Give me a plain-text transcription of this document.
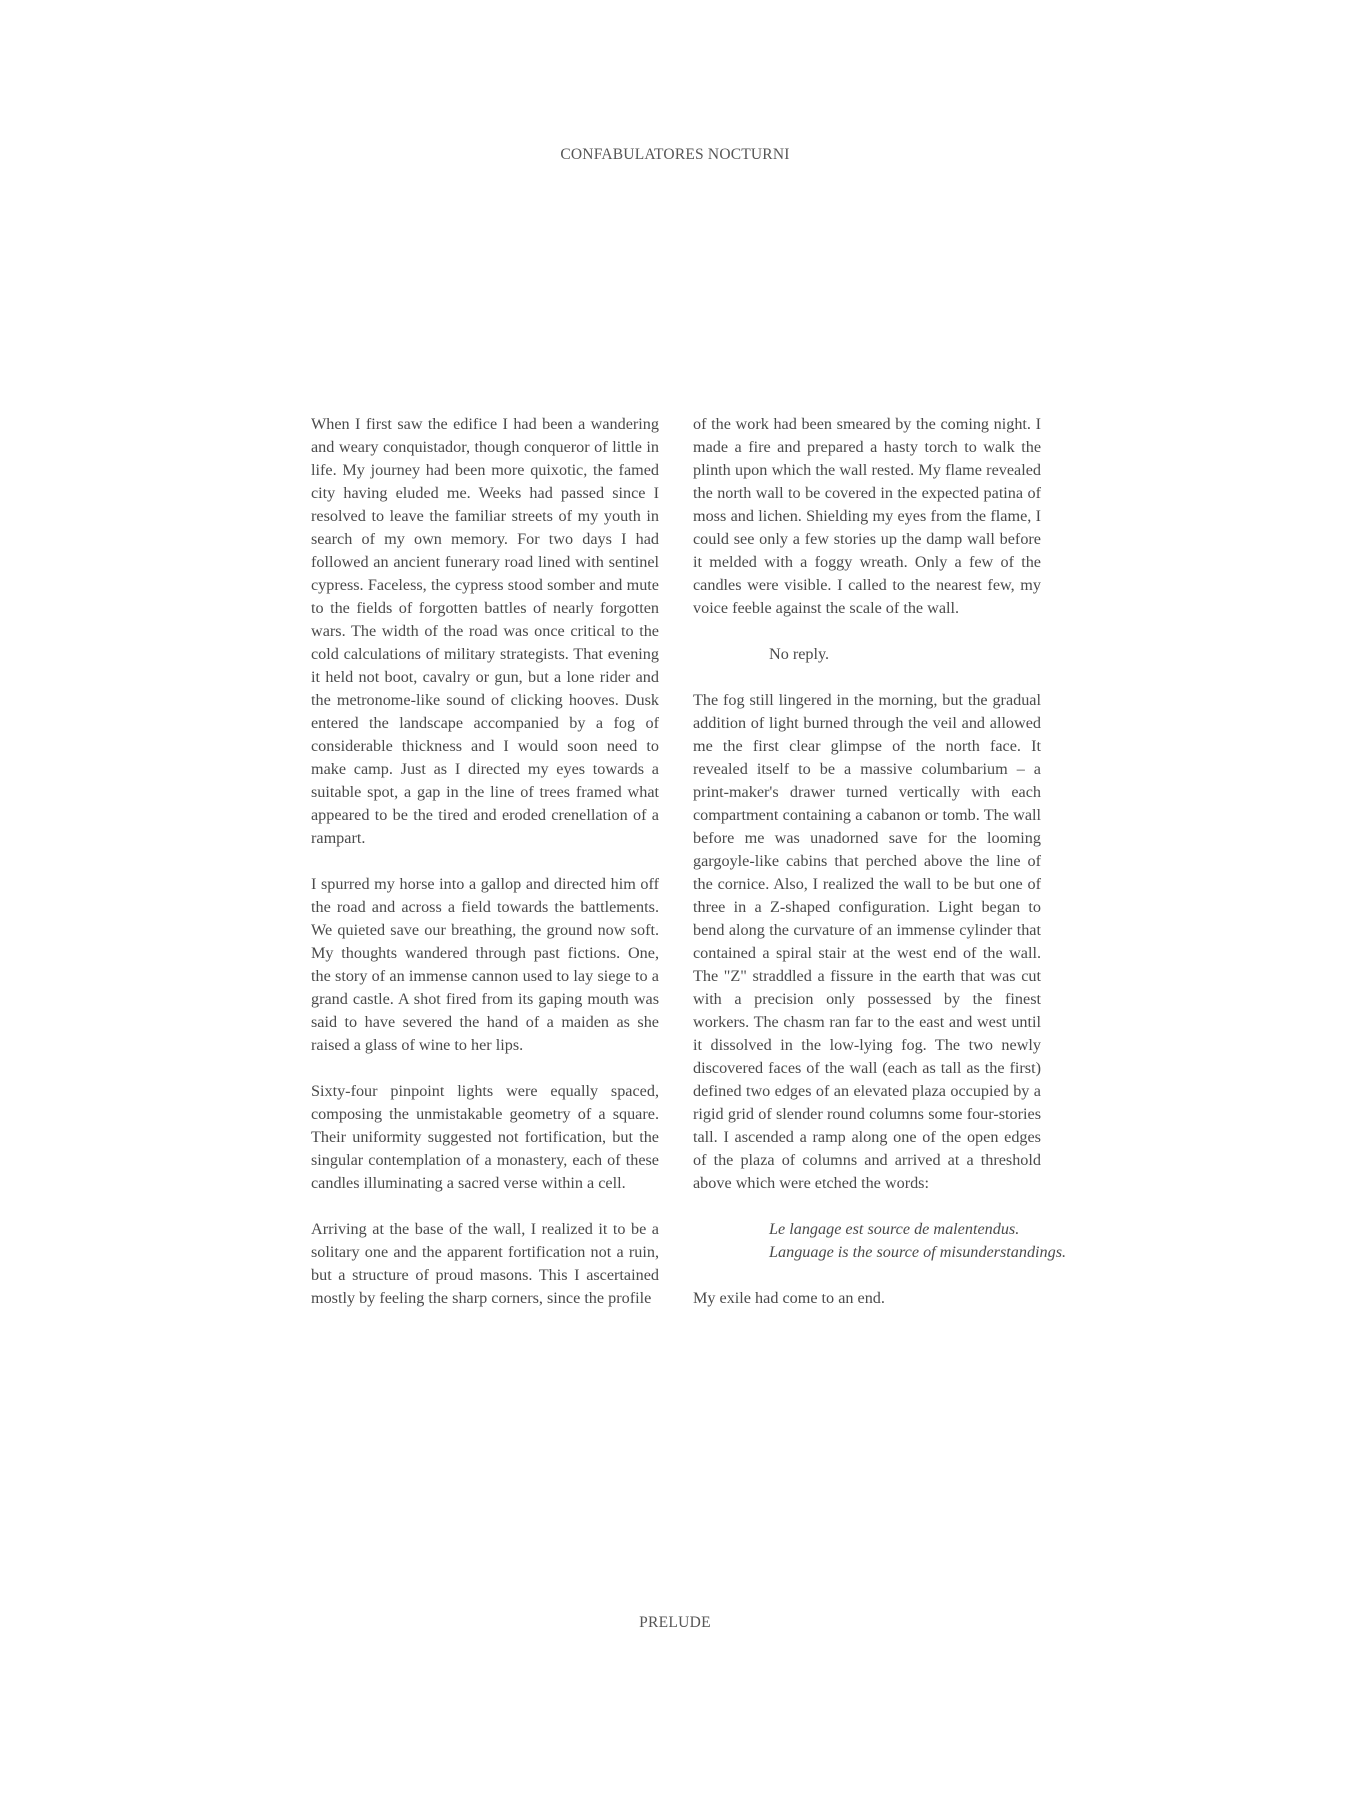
CONFABULATORES NOCTURNI

When I first saw the edifice I had been a wandering and weary conquistador, though conqueror of little in life. My journey had been more quixotic, the famed city having eluded me. Weeks had passed since I resolved to leave the familiar streets of my youth in search of my own memory. For two days I had followed an ancient funerary road lined with sentinel cypress. Faceless, the cypress stood somber and mute to the fields of forgotten battles of nearly forgotten wars. The width of the road was once critical to the cold calculations of military strategists. That evening it held not boot, cavalry or gun, but a lone rider and the metronome-like sound of clicking hooves. Dusk entered the landscape accompanied by a fog of considerable thickness and I would soon need to make camp. Just as I directed my eyes towards a suitable spot, a gap in the line of trees framed what appeared to be the tired and eroded crenellation of a rampart.

I spurred my horse into a gallop and directed him off the road and across a field towards the battlements. We quieted save our breathing, the ground now soft. My thoughts wandered through past fictions. One, the story of an immense cannon used to lay siege to a grand castle. A shot fired from its gaping mouth was said to have severed the hand of a maiden as she raised a glass of wine to her lips.

Sixty-four pinpoint lights were equally spaced, composing the unmistakable geometry of a square. Their uniformity suggested not fortification, but the singular contemplation of a monastery, each of these candles illuminating a sacred verse within a cell.

Arriving at the base of the wall, I realized it to be a solitary one and the apparent fortification not a ruin, but a structure of proud masons. This I ascertained mostly by feeling the sharp corners, since the profile

of the work had been smeared by the coming night. I made a fire and prepared a hasty torch to walk the plinth upon which the wall rested. My flame revealed the north wall to be covered in the expected patina of moss and lichen. Shielding my eyes from the flame, I could see only a few stories up the damp wall before it melded with a foggy wreath. Only a few of the candles were visible. I called to the nearest few, my voice feeble against the scale of the wall.

No reply.

The fog still lingered in the morning, but the gradual addition of light burned through the veil and allowed me the first clear glimpse of the north face. It revealed itself to be a massive columbarium – a print-maker's drawer turned vertically with each compartment containing a cabanon or tomb. The wall before me was unadorned save for the looming gargoyle-like cabins that perched above the line of the cornice. Also, I realized the wall to be but one of three in a Z-shaped configuration. Light began to bend along the curvature of an immense cylinder that contained a spiral stair at the west end of the wall. The "Z" straddled a fissure in the earth that was cut with a precision only possessed by the finest workers. The chasm ran far to the east and west until it dissolved in the low-lying fog. The two newly discovered faces of the wall (each as tall as the first) defined two edges of an elevated plaza occupied by a rigid grid of slender round columns some four-stories tall. I ascended a ramp along one of the open edges of the plaza of columns and arrived at a threshold above which were etched the words:

Le langage est source de malentendus.
Language is the source of misunderstandings.
My exile had come to an end.
PRELUDE
